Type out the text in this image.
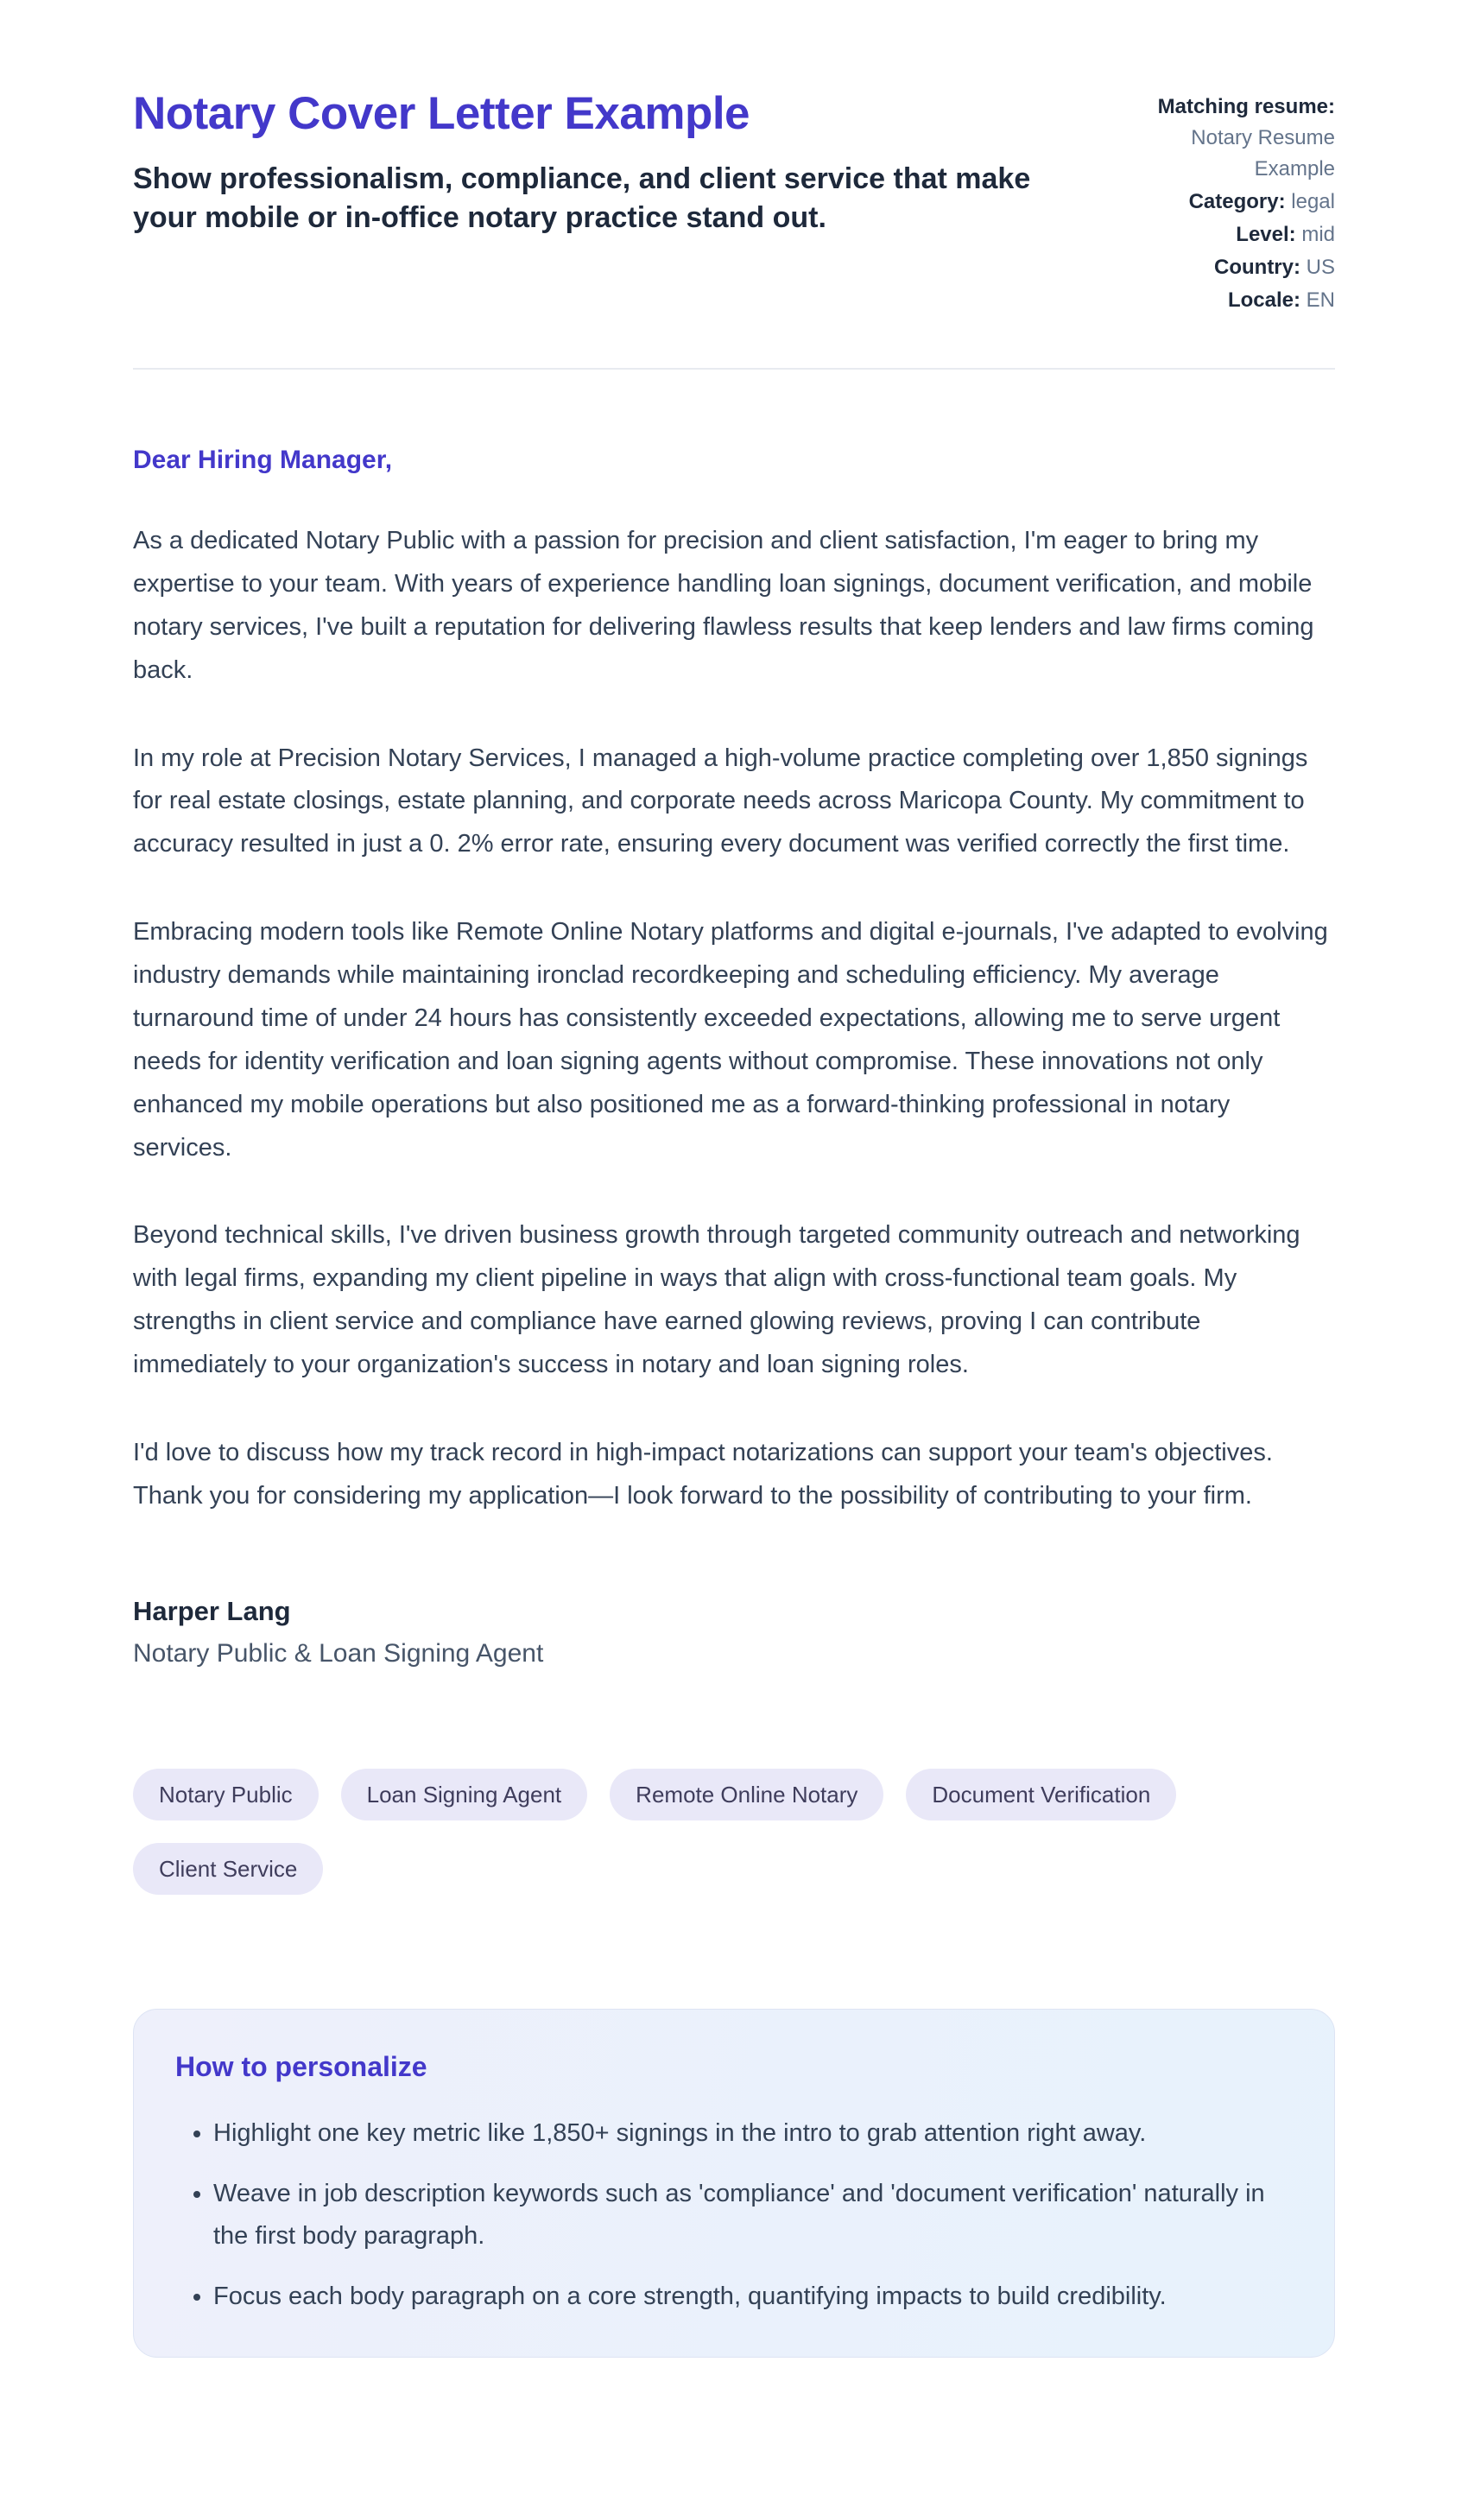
Notary Cover Letter Example
Show professionalism, compliance, and client service that make your mobile or in-office notary practice stand out.
Matching resume: Notary Resume Example
Category: legal
Level: mid
Country: US
Locale: EN

Dear Hiring Manager,

As a dedicated Notary Public with a passion for precision and client satisfaction, I'm eager to bring my expertise to your team. With years of experience handling loan signings, document verification, and mobile notary services, I've built a reputation for delivering flawless results that keep lenders and law firms coming back.

In my role at Precision Notary Services, I managed a high-volume practice completing over 1,850 signings for real estate closings, estate planning, and corporate needs across Maricopa County. My commitment to accuracy resulted in just a 0. 2% error rate, ensuring every document was verified correctly the first time.

Embracing modern tools like Remote Online Notary platforms and digital e-journals, I've adapted to evolving industry demands while maintaining ironclad recordkeeping and scheduling efficiency. My average turnaround time of under 24 hours has consistently exceeded expectations, allowing me to serve urgent needs for identity verification and loan signing agents without compromise. These innovations not only enhanced my mobile operations but also positioned me as a forward-thinking professional in notary services.

Beyond technical skills, I've driven business growth through targeted community outreach and networking with legal firms, expanding my client pipeline in ways that align with cross-functional team goals. My strengths in client service and compliance have earned glowing reviews, proving I can contribute immediately to your organization's success in notary and loan signing roles.

I'd love to discuss how my track record in high-impact notarizations can support your team's objectives. Thank you for considering my application—I look forward to the possibility of contributing to your firm.

Harper Lang

Notary Public & Loan Signing Agent

Notary Public	Loan Signing Agent	Remote Online Notary	Document Verification
Client Service
How to personalize
• Highlight one key metric like 1,850+ signings in the intro to grab attention right away.
• Weave in job description keywords such as 'compliance' and 'document verification' naturally in the first body paragraph.
• Focus each body paragraph on a core strength, quantifying impacts to build credibility.
